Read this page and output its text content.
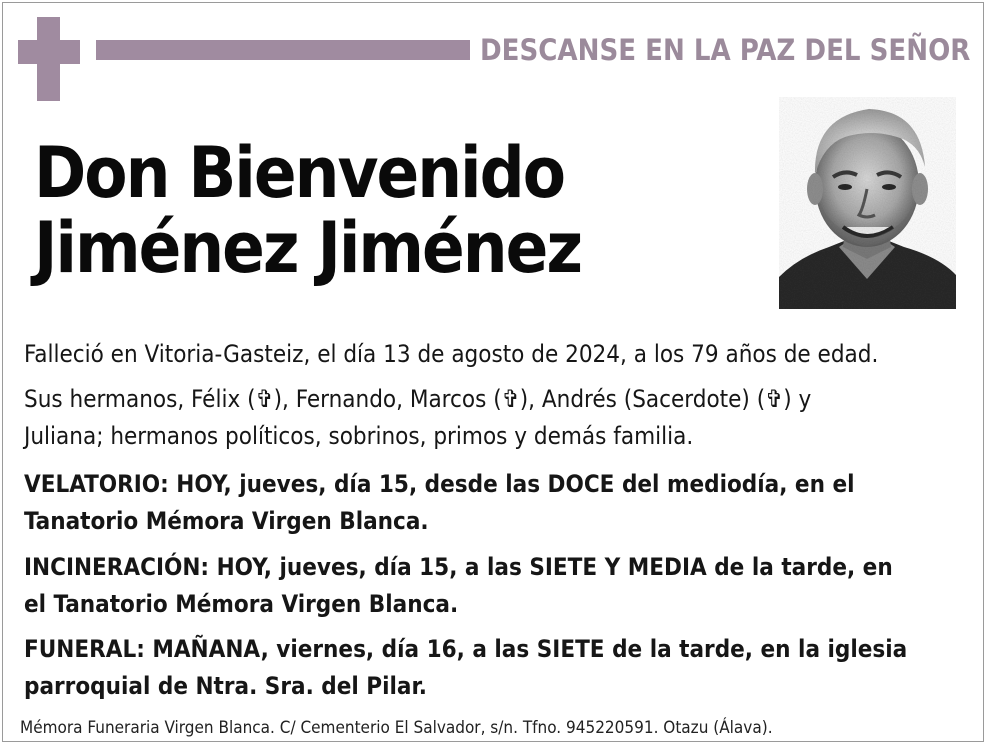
DESCANSE EN LA PAZ DEL SEÑOR
Don Bienvenido
Jiménez Jiménez
Falleció en Vitoria-Gasteiz, el día 13 de agosto de 2024, a los 79 años de edad.
Sus hermanos, Félix (✞), Fernando, Marcos (✞), Andrés (Sacerdote) (✞) y
Juliana; hermanos políticos, sobrinos, primos y demás familia.
VELATORIO: HOY, jueves, día 15, desde las DOCE del mediodía, en el
Tanatorio Mémora Virgen Blanca.
INCINERACIÓN: HOY, jueves, día 15, a las SIETE Y MEDIA de la tarde, en
el Tanatorio Mémora Virgen Blanca.
FUNERAL: MAÑANA, viernes, día 16, a las SIETE de la tarde, en la iglesia
parroquial de Ntra. Sra. del Pilar.
Mémora Funeraria Virgen Blanca. C/ Cementerio El Salvador, s/n. Tfno. 945220591. Otazu (Álava).
